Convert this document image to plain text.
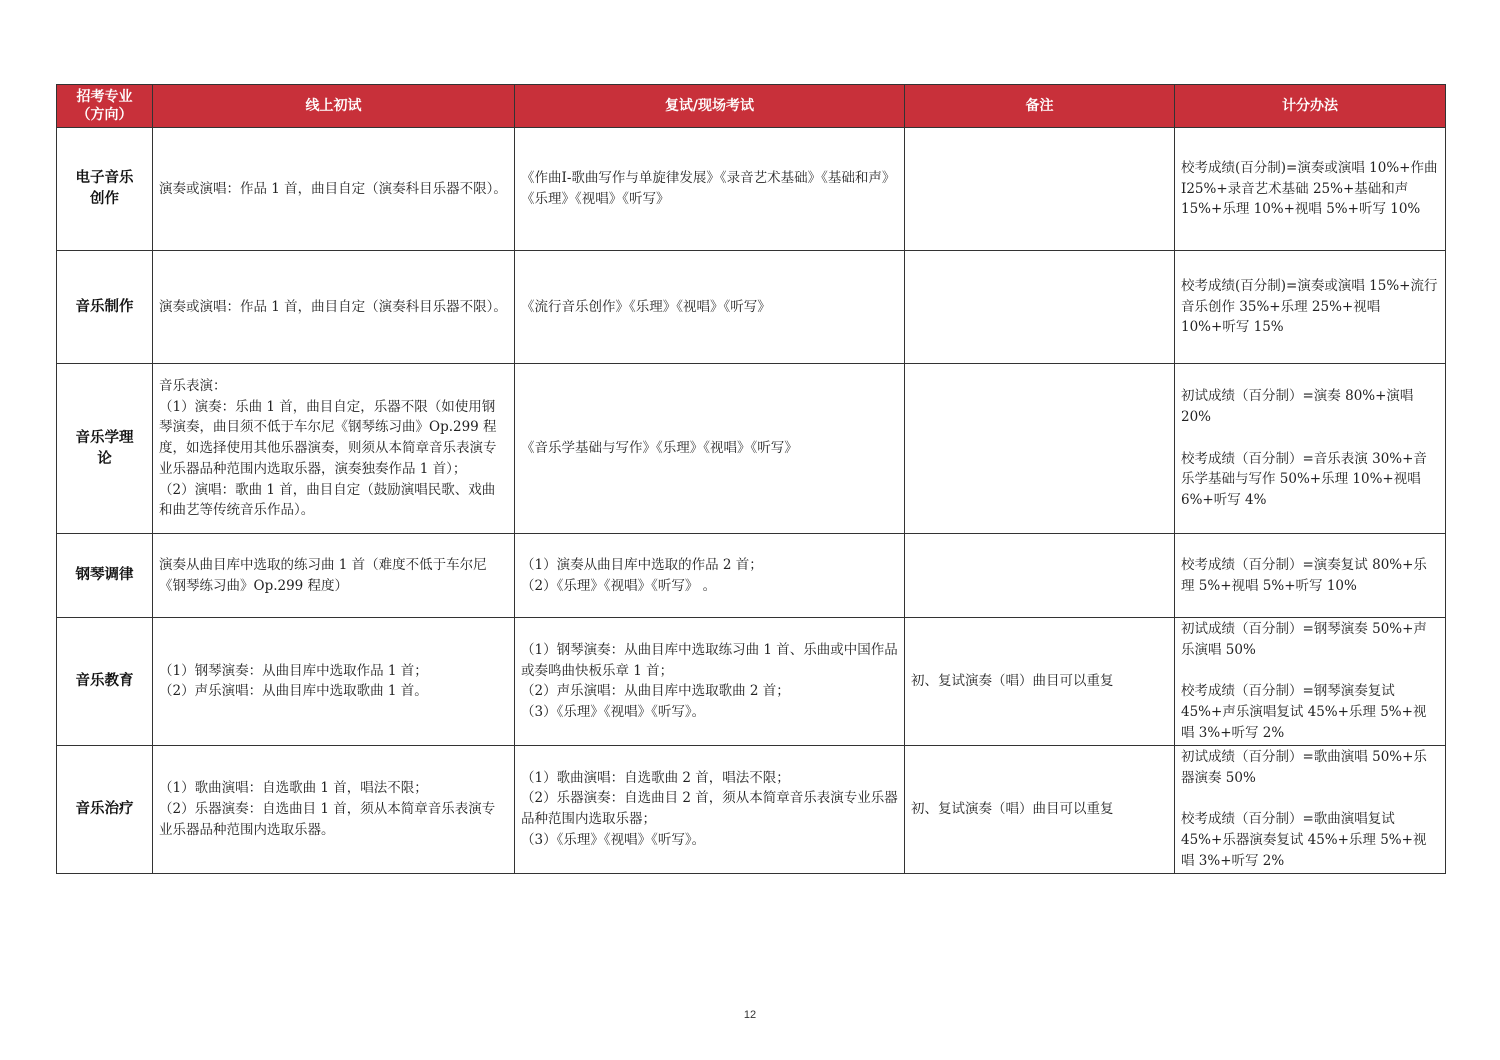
招考专业
（方向）	线上初试	复试/现场考试	备注	计分办法
电子音乐
创作	演奏或演唱：作品 1 首，曲目自定（演奏科目乐器不限）。	《作曲Ⅰ-歌曲写作与单旋律发展》《录音艺术基础》《基础和声》《乐理》《视唱》《听写》		校考成绩(百分制)=演奏或演唱 10%+作曲Ⅰ25%+录音艺术基础 25%+基础和声 15%+乐理 10%+视唱 5%+听写 10%
音乐制作	演奏或演唱：作品 1 首，曲目自定（演奏科目乐器不限）。	《流行音乐创作》《乐理》《视唱》《听写》		校考成绩(百分制)=演奏或演唱 15%+流行音乐创作 35%+乐理 25%+视唱 10%+听写 15%
音乐学理
论	音乐表演：
（1）演奏：乐曲 1 首，曲目自定，乐器不限（如使用钢琴演奏，曲目须不低于车尔尼《钢琴练习曲》Op.299 程度，如选择使用其他乐器演奏，则须从本简章音乐表演专业乐器品种范围内选取乐器，演奏独奏作品 1 首）；
（2）演唱：歌曲 1 首，曲目自定（鼓励演唱民歌、戏曲和曲艺等传统音乐作品）。	《音乐学基础与写作》《乐理》《视唱》《听写》		初试成绩（百分制）=演奏 80%+演唱 20%

校考成绩（百分制）=音乐表演 30%+音乐学基础与写作 50%+乐理 10%+视唱 6%+听写 4%
钢琴调律	演奏从曲目库中选取的练习曲 1 首（难度不低于车尔尼《钢琴练习曲》Op.299 程度）	（1）演奏从曲目库中选取的作品 2 首；
（2）《乐理》《视唱》《听写》 。		校考成绩（百分制）=演奏复试 80%+乐理 5%+视唱 5%+听写 10%
音乐教育	（1）钢琴演奏：从曲目库中选取作品 1 首；
（2）声乐演唱：从曲目库中选取歌曲 1 首。	（1）钢琴演奏：从曲目库中选取练习曲 1 首、乐曲或中国作品或奏鸣曲快板乐章 1 首；
（2）声乐演唱：从曲目库中选取歌曲 2 首；
（3）《乐理》《视唱》《听写》。	初、复试演奏（唱）曲目可以重复	初试成绩（百分制）=钢琴演奏 50%+声乐演唱 50%

校考成绩（百分制）=钢琴演奏复试 45%+声乐演唱复试 45%+乐理 5%+视唱 3%+听写 2%
音乐治疗	（1）歌曲演唱：自选歌曲 1 首，唱法不限；
（2）乐器演奏：自选曲目 1 首，须从本简章音乐表演专业乐器品种范围内选取乐器。	（1）歌曲演唱：自选歌曲 2 首，唱法不限；
（2）乐器演奏：自选曲目 2 首，须从本简章音乐表演专业乐器品种范围内选取乐器；
（3）《乐理》《视唱》《听写》。	初、复试演奏（唱）曲目可以重复	初试成绩（百分制）=歌曲演唱 50%+乐器演奏 50%

校考成绩（百分制）=歌曲演唱复试 45%+乐器演奏复试 45%+乐理 5%+视唱 3%+听写 2%
12
